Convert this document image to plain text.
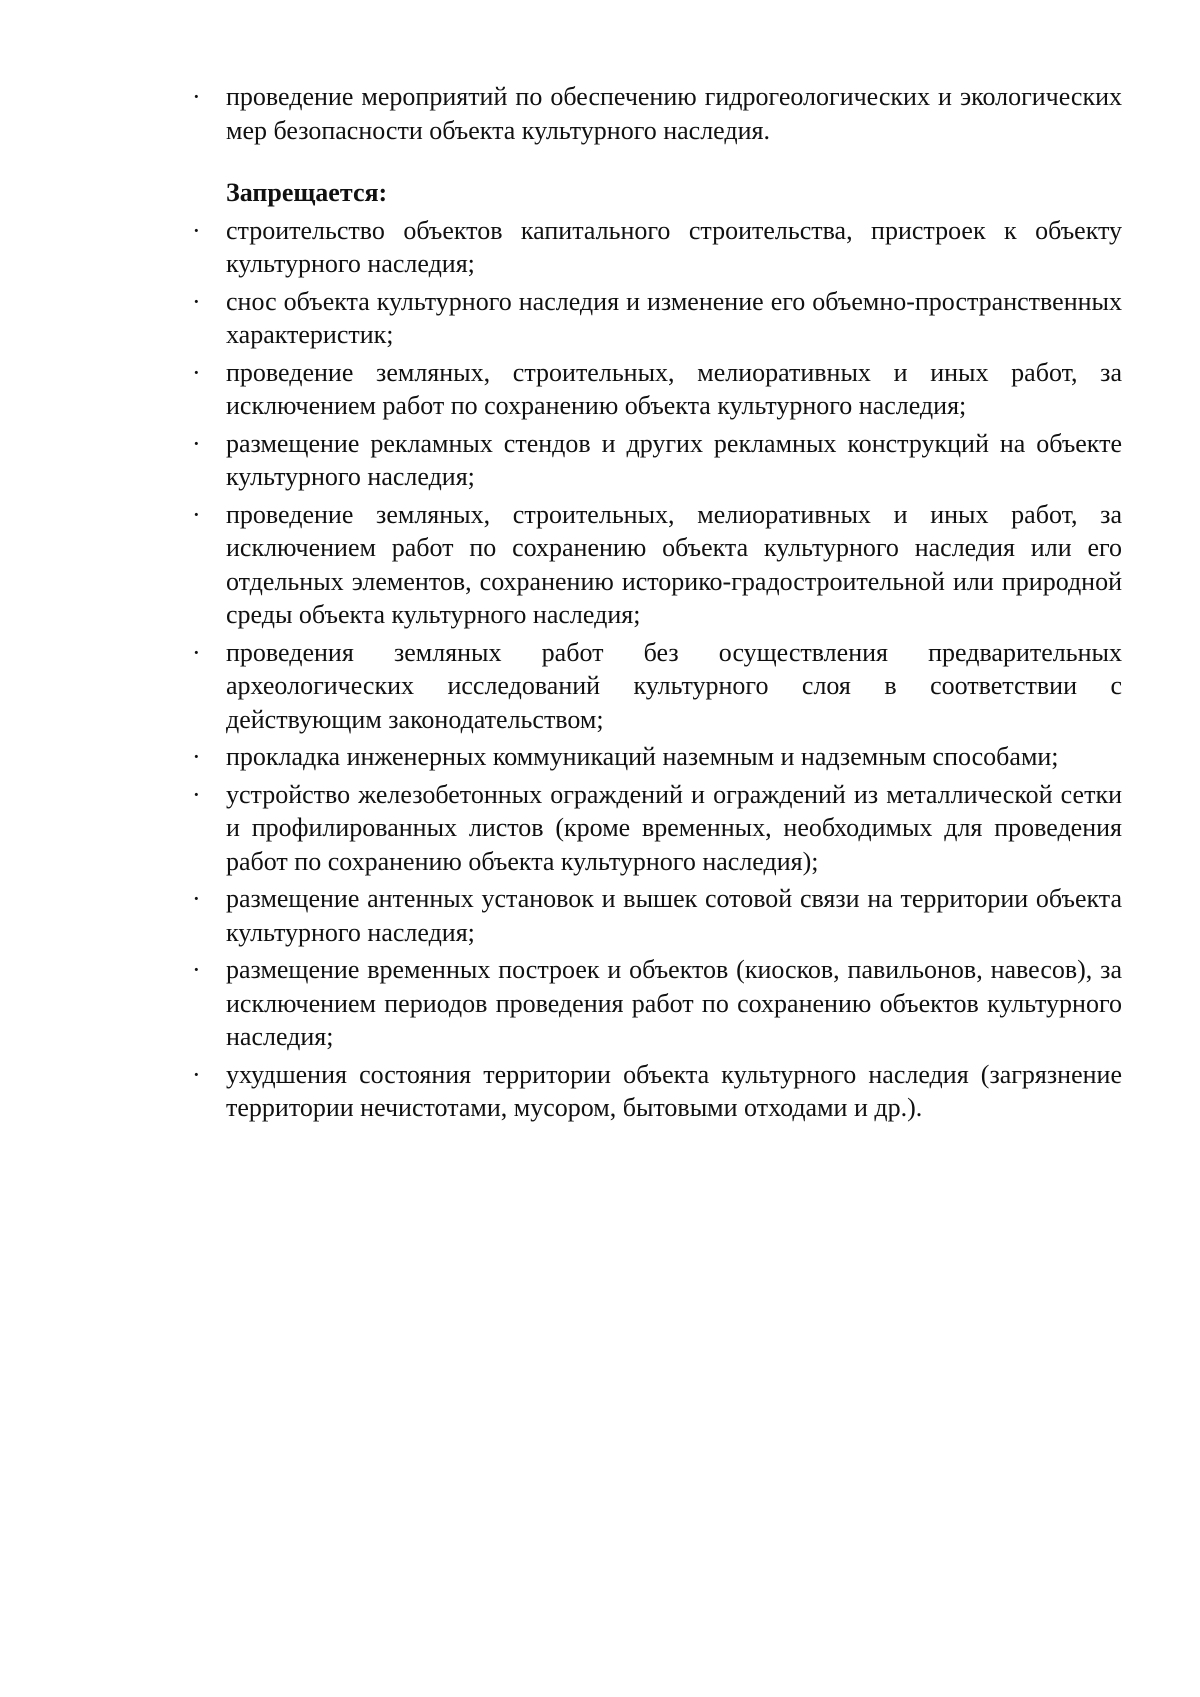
· проведение мероприятий по обеспечению гидрогеологических и экологических мер безопасности объекта культурного наследия.
Запрещается:
· строительство объектов капитального строительства, пристроек к объекту культурного наследия;
· снос объекта культурного наследия и изменение его объемно-пространственных характеристик;
· проведение земляных, строительных, мелиоративных и иных работ, за исключением работ по сохранению объекта культурного наследия;
· размещение рекламных стендов и других рекламных конструкций на объекте культурного наследия;
· проведение земляных, строительных, мелиоративных и иных работ, за исключением работ по сохранению объекта культурного наследия или его отдельных элементов, сохранению историко-градостроительной или природной среды объекта культурного наследия;
· проведения земляных работ без осуществления предварительных археологических исследований культурного слоя в соответствии с действующим законодательством;
· прокладка инженерных коммуникаций наземным и надземным способами;
· устройство железобетонных ограждений и ограждений из металлической сетки и профилированных листов (кроме временных, необходимых для проведения работ по сохранению объекта культурного наследия);
· размещение антенных установок и вышек сотовой связи на территории объекта культурного наследия;
· размещение временных построек и объектов (киосков, павильонов, навесов), за исключением периодов проведения работ по сохранению объектов культурного наследия;
· ухудшения состояния территории объекта культурного наследия (загрязнение территории нечистотами, мусором, бытовыми отходами и др.).
